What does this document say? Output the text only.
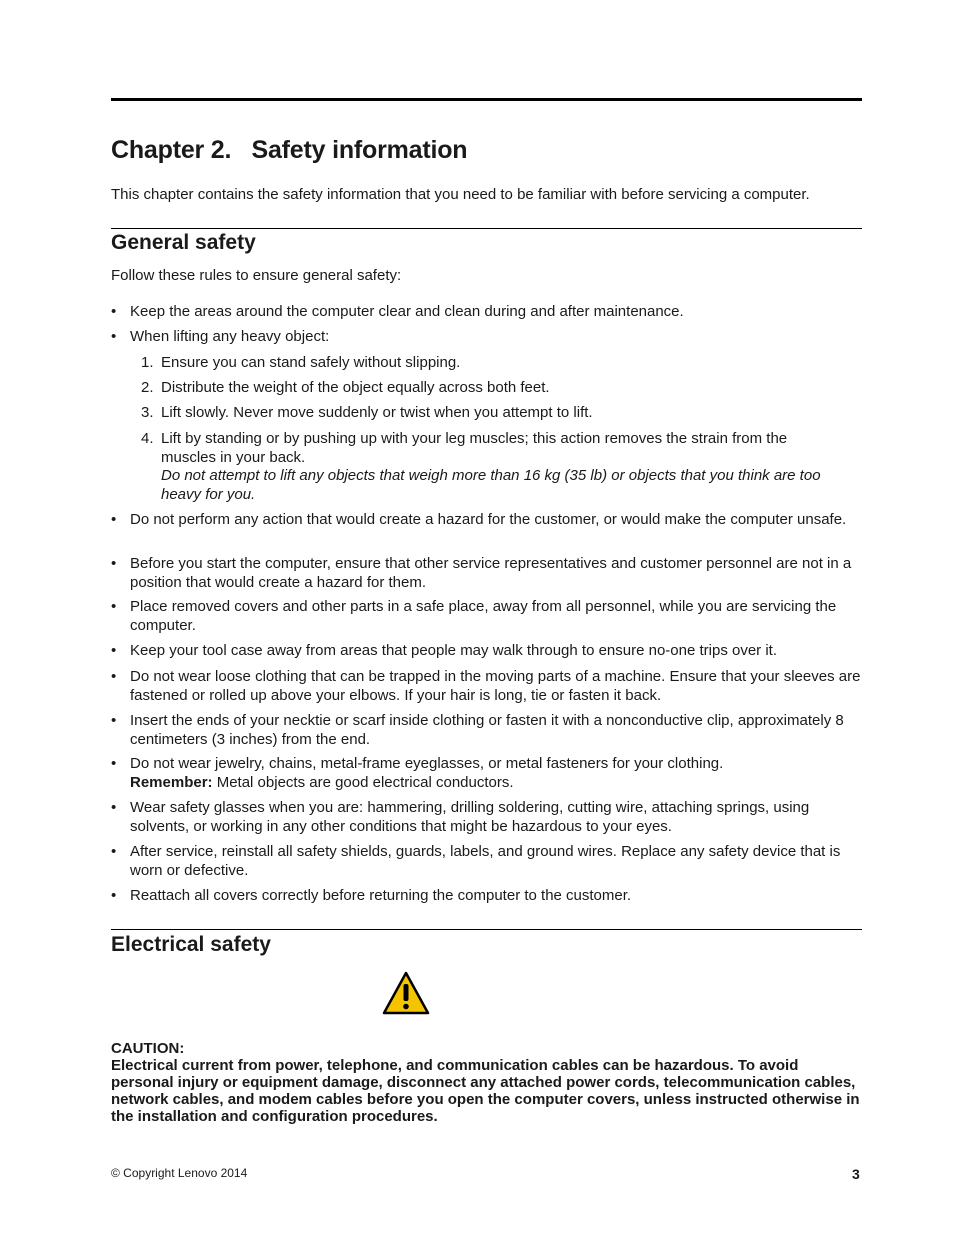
Chapter 2.   Safety information

This chapter contains the safety information that you need to be familiar with before servicing a computer.

General safety

Follow these rules to ensure general safety:

• Keep the areas around the computer clear and clean during and after maintenance.
• When lifting any heavy object:
1. Ensure you can stand safely without slipping.
2. Distribute the weight of the object equally across both feet.
3. Lift slowly. Never move suddenly or twist when you attempt to lift.
4. Lift by standing or by pushing up with your leg muscles; this action removes the strain from the muscles in your back.
Do not attempt to lift any objects that weigh more than 16 kg (35 lb) or objects that you think are too heavy for you.
• Do not perform any action that would create a hazard for the customer, or would make the computer unsafe.
• Before you start the computer, ensure that other service representatives and customer personnel are not in a position that would create a hazard for them.
• Place removed covers and other parts in a safe place, away from all personnel, while you are servicing the computer.
• Keep your tool case away from areas that people may walk through to ensure no-one trips over it.
• Do not wear loose clothing that can be trapped in the moving parts of a machine. Ensure that your sleeves are fastened or rolled up above your elbows. If your hair is long, tie or fasten it back.
• Insert the ends of your necktie or scarf inside clothing or fasten it with a nonconductive clip, approximately 8 centimeters (3 inches) from the end.
• Do not wear jewelry, chains, metal-frame eyeglasses, or metal fasteners for your clothing.
Remember: Metal objects are good electrical conductors.
• Wear safety glasses when you are: hammering, drilling soldering, cutting wire, attaching springs, using solvents, or working in any other conditions that might be hazardous to your eyes.
• After service, reinstall all safety shields, guards, labels, and ground wires. Replace any safety device that is worn or defective.
• Reattach all covers correctly before returning the computer to the customer.
Electrical safety
CAUTION:
Electrical current from power, telephone, and communication cables can be hazardous. To avoid personal injury or equipment damage, disconnect any attached power cords, telecommunication cables, network cables, and modem cables before you open the computer covers, unless instructed otherwise in the installation and configuration procedures.
© Copyright Lenovo 2014	3
